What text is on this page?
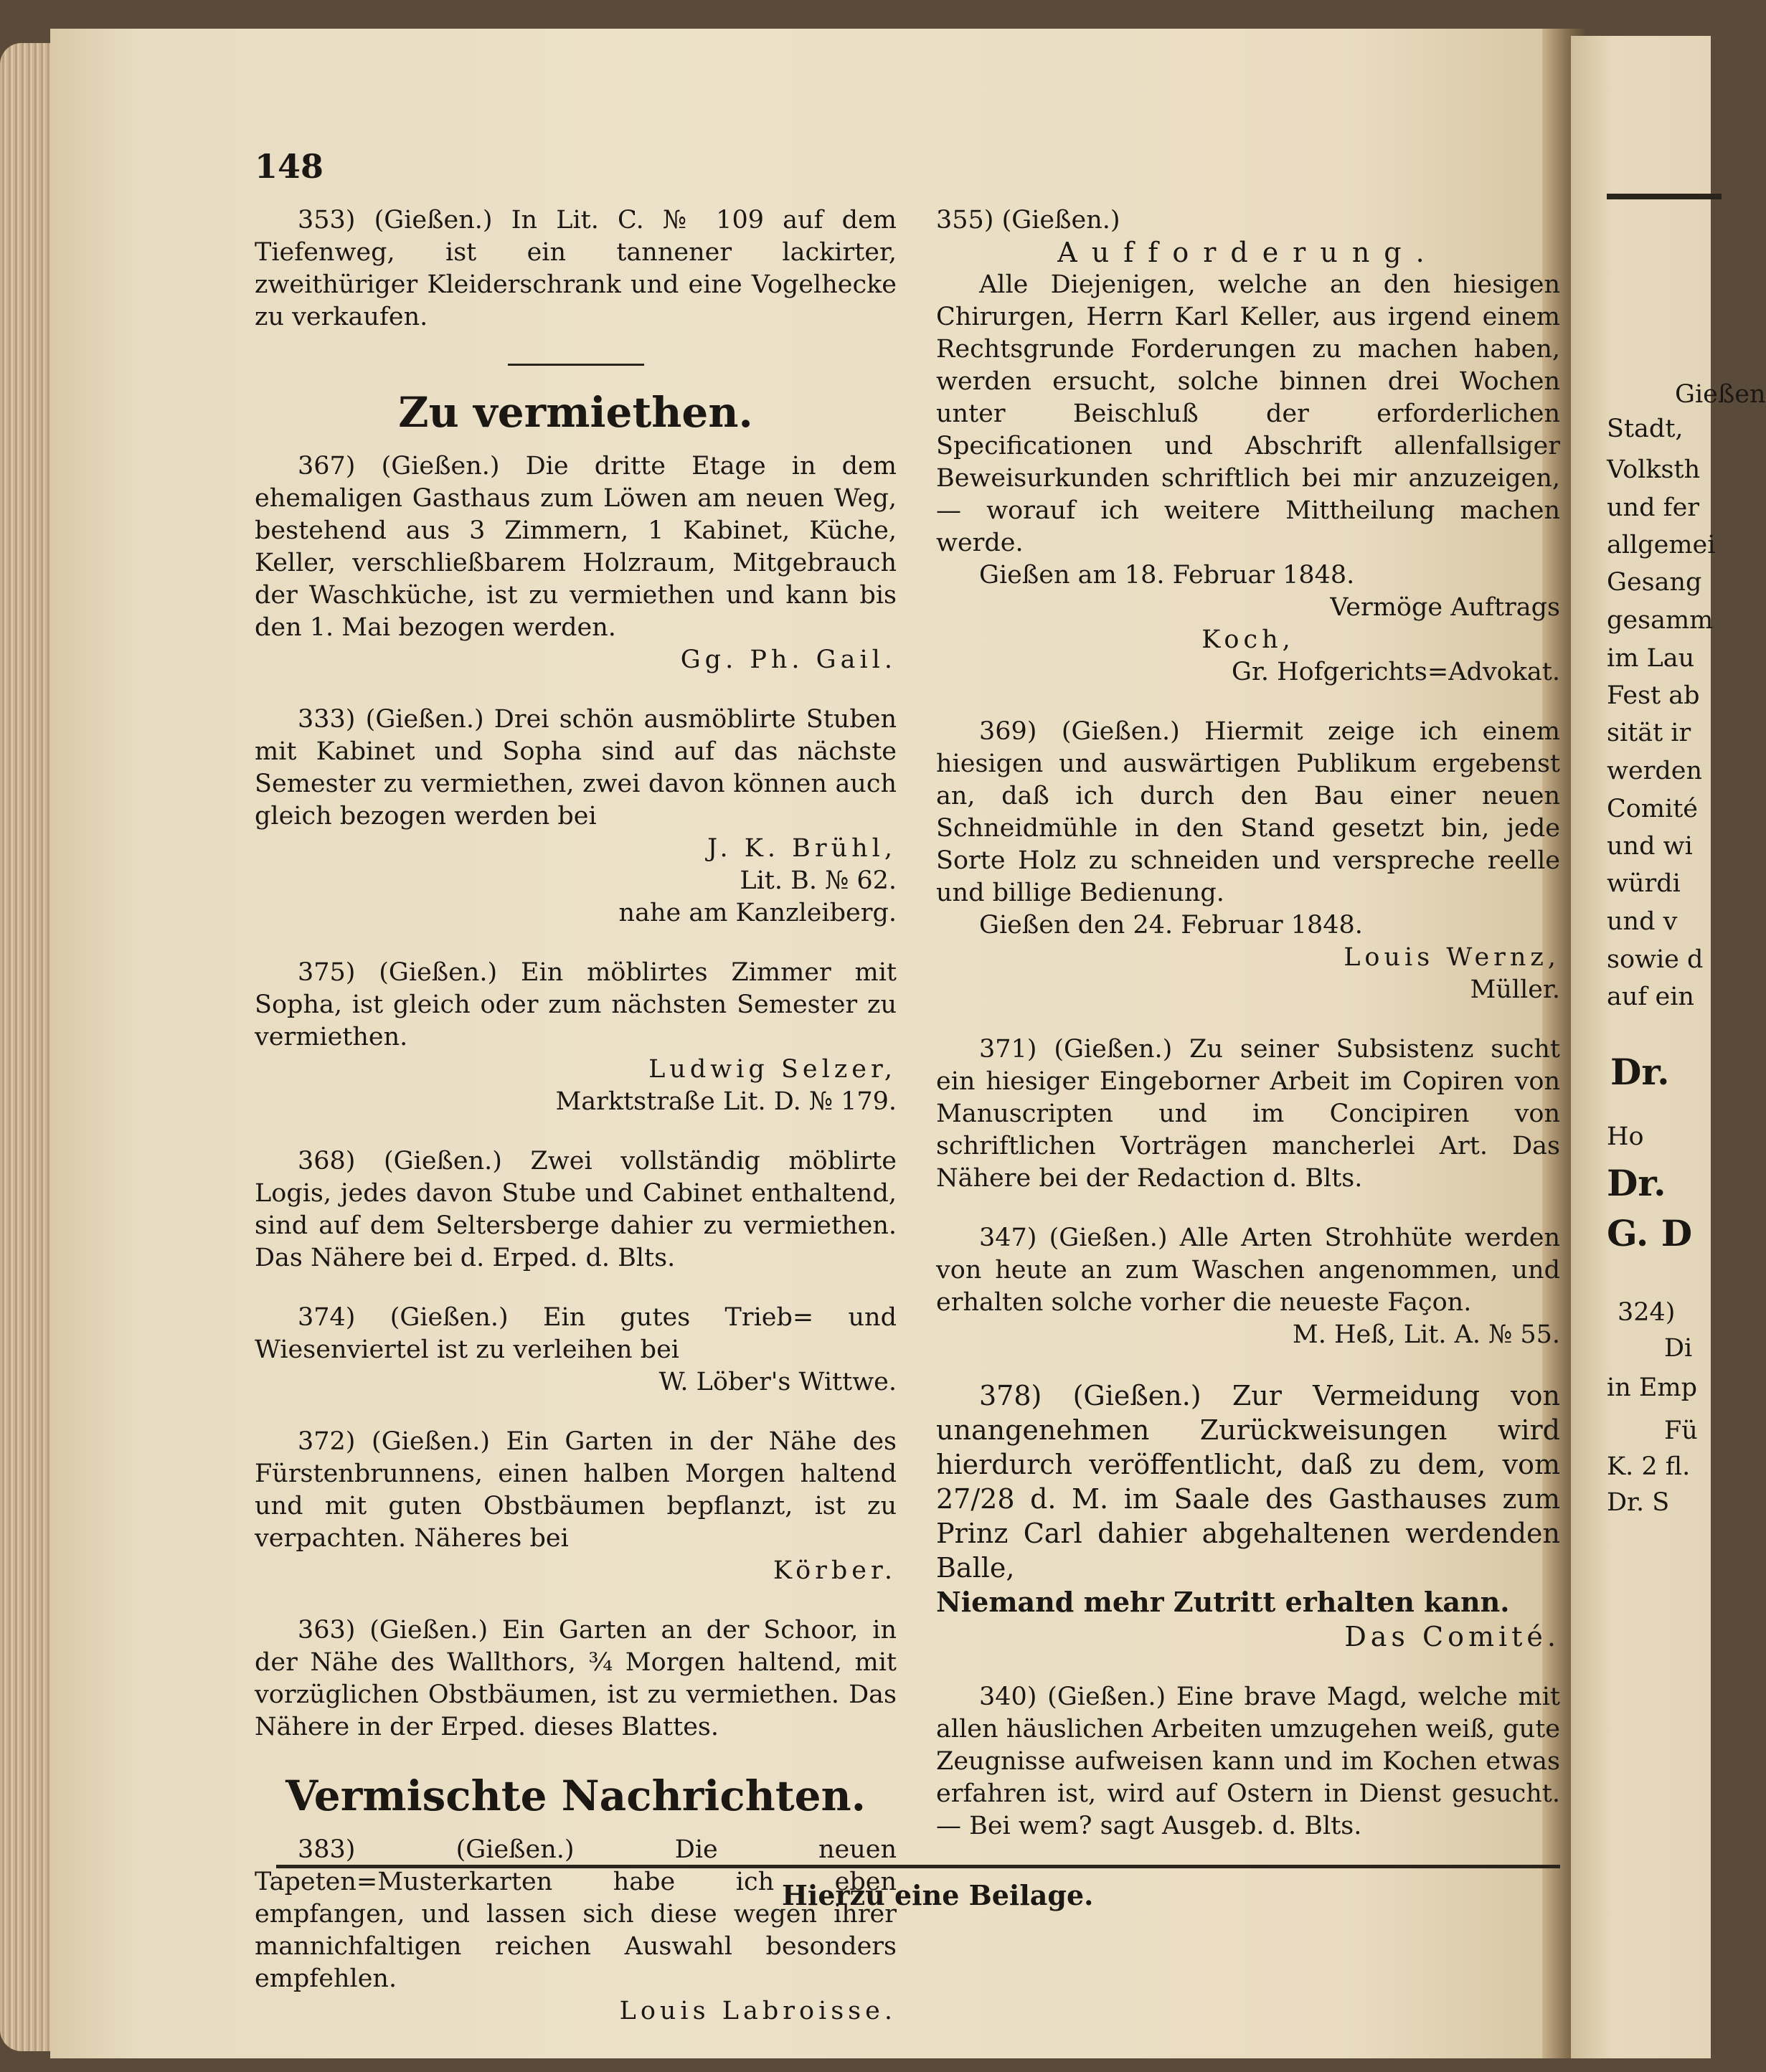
Gießen
Stadt,
Volksth
und fer
allgemei
Gesang
gesamm
im Lau
Fest ab
sität ir
werden
Comité
und wi
würdi
und v
sowie d
auf ein
Dr.
Ho
Dr.
G. D
324)
Di
in Emp
Fü
K. 2 fl.
Dr. S
148

353) (Gießen.) In Lit. C. № 109 auf dem Tiefenweg, ist ein tannener lackirter, zweithüriger Kleiderschrank und eine Vogelhecke zu verkaufen.

Zu vermiethen.

367) (Gießen.) Die dritte Etage in dem ehemaligen Gasthaus zum Löwen am neuen Weg, bestehend aus 3 Zimmern, 1 Kabinet, Küche, Keller, verschließbarem Holzraum, Mitgebrauch der Waschküche, ist zu vermiethen und kann bis den 1. Mai bezogen werden.

Gg. Ph. Gail.

333) (Gießen.) Drei schön ausmöblirte Stuben mit Kabinet und Sopha sind auf das nächste Semester zu vermiethen, zwei davon können auch gleich bezogen werden bei

J. K. Brühl,

Lit. B. № 62.

nahe am Kanzleiberg.

375) (Gießen.) Ein möblirtes Zimmer mit Sopha, ist gleich oder zum nächsten Semester zu vermiethen.

Ludwig Selzer,

Marktstraße Lit. D. № 179.

368) (Gießen.) Zwei vollständig möblirte Logis, jedes davon Stube und Cabinet enthaltend, sind auf dem Seltersberge dahier zu vermiethen. Das Nähere bei d. Erped. d. Blts.

374) (Gießen.) Ein gutes Trieb= und Wiesenviertel ist zu verleihen bei

W. Löber's Wittwe.

372) (Gießen.) Ein Garten in der Nähe des Fürstenbrunnens, einen halben Morgen haltend und mit guten Obstbäumen bepflanzt, ist zu verpachten. Näheres bei

Körber.

363) (Gießen.) Ein Garten an der Schoor, in der Nähe des Wallthors, ¾ Morgen haltend, mit vorzüglichen Obstbäumen, ist zu vermiethen. Das Nähere in der Erped. dieses Blattes.

Vermischte Nachrichten.

383) (Gießen.) Die neuen Tapeten=Musterkarten habe ich eben empfangen, und lassen sich diese wegen ihrer mannichfaltigen reichen Auswahl besonders empfehlen.

Louis Labroisse.

355) (Gießen.)

Aufforderung.

Alle Diejenigen, welche an den hiesigen Chirurgen, Herrn Karl Keller, aus irgend einem Rechtsgrunde Forderungen zu machen haben, werden ersucht, solche binnen drei Wochen unter Beischluß der erforderlichen Specificationen und Abschrift allenfallsiger Beweisurkunden schriftlich bei mir anzuzeigen, — worauf ich weitere Mittheilung machen werde.

Gießen am 18. Februar 1848.

Vermöge Auftrags

Koch,

Gr. Hofgerichts=Advokat.

369) (Gießen.) Hiermit zeige ich einem hiesigen und auswärtigen Publikum ergebenst an, daß ich durch den Bau einer neuen Schneidmühle in den Stand gesetzt bin, jede Sorte Holz zu schneiden und verspreche reelle und billige Bedienung.

Gießen den 24. Februar 1848.

Louis Wernz,

Müller.

371) (Gießen.) Zu seiner Subsistenz sucht ein hiesiger Eingeborner Arbeit im Copiren von Manuscripten und im Concipiren von schriftlichen Vorträgen mancherlei Art. Das Nähere bei der Redaction d. Blts.

347) (Gießen.) Alle Arten Strohhüte werden von heute an zum Waschen angenommen, und erhalten solche vorher die neueste Façon.

M. Heß, Lit. A. № 55.

378) (Gießen.) Zur Vermeidung von unangenehmen Zurückweisungen wird hierdurch veröffentlicht, daß zu dem, vom 27/28 d. M. im Saale des Gasthauses zum Prinz Carl dahier abgehaltenen werdenden Balle,

Niemand mehr Zutritt erhalten kann.

Das Comité.

340) (Gießen.) Eine brave Magd, welche mit allen häuslichen Arbeiten umzugehen weiß, gute Zeugnisse aufweisen kann und im Kochen etwas erfahren ist, wird auf Ostern in Dienst gesucht. — Bei wem? sagt Ausgeb. d. Blts.

Hierzu eine Beilage.
